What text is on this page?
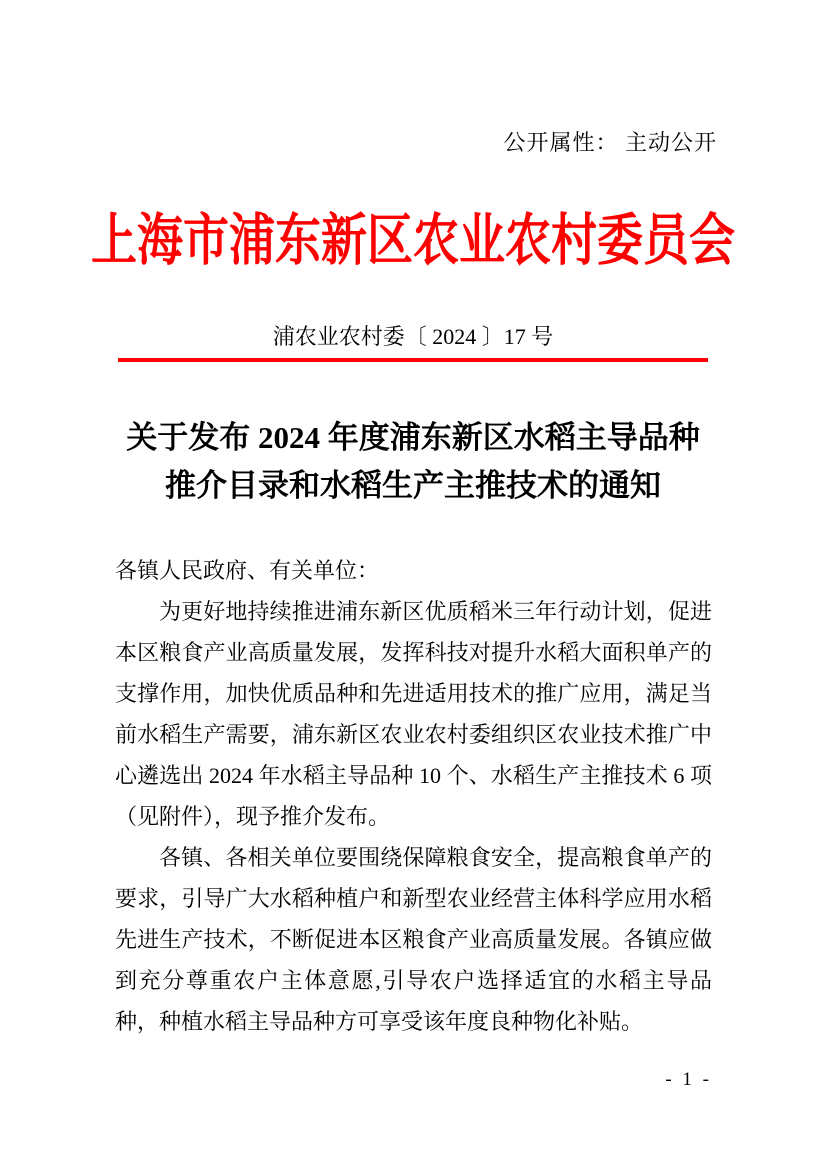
公开属性： 主动公开
上海市浦东新区农业农村委员会
浦农业农村委〔 2024 〕17 号
关于发布 2024 年度浦东新区水稻主导品种
推介目录和水稻生产主推技术的通知

各镇人民政府、有关单位：

为更好地持续推进浦东新区优质稻米三年行动计划，促进本区粮食产业高质量发展，发挥科技对提升水稻大面积单产的支撑作用，加快优质品种和先进适用技术的推广应用，满足当前水稻生产需要，浦东新区农业农村委组织区农业技术推广中心遴选出 2024 年水稻主导品种 10 个、水稻生产主推技术 6 项（见附件），现予推介发布。

各镇、各相关单位要围绕保障粮食安全，提高粮食单产的要求，引导广大水稻种植户和新型农业经营主体科学应用水稻先进生产技术，不断促进本区粮食产业高质量发展。各镇应做到充分尊重农户主体意愿,引导农户选择适宜的水稻主导品种，种植水稻主导品种方可享受该年度良种物化补贴。

- 1 -
